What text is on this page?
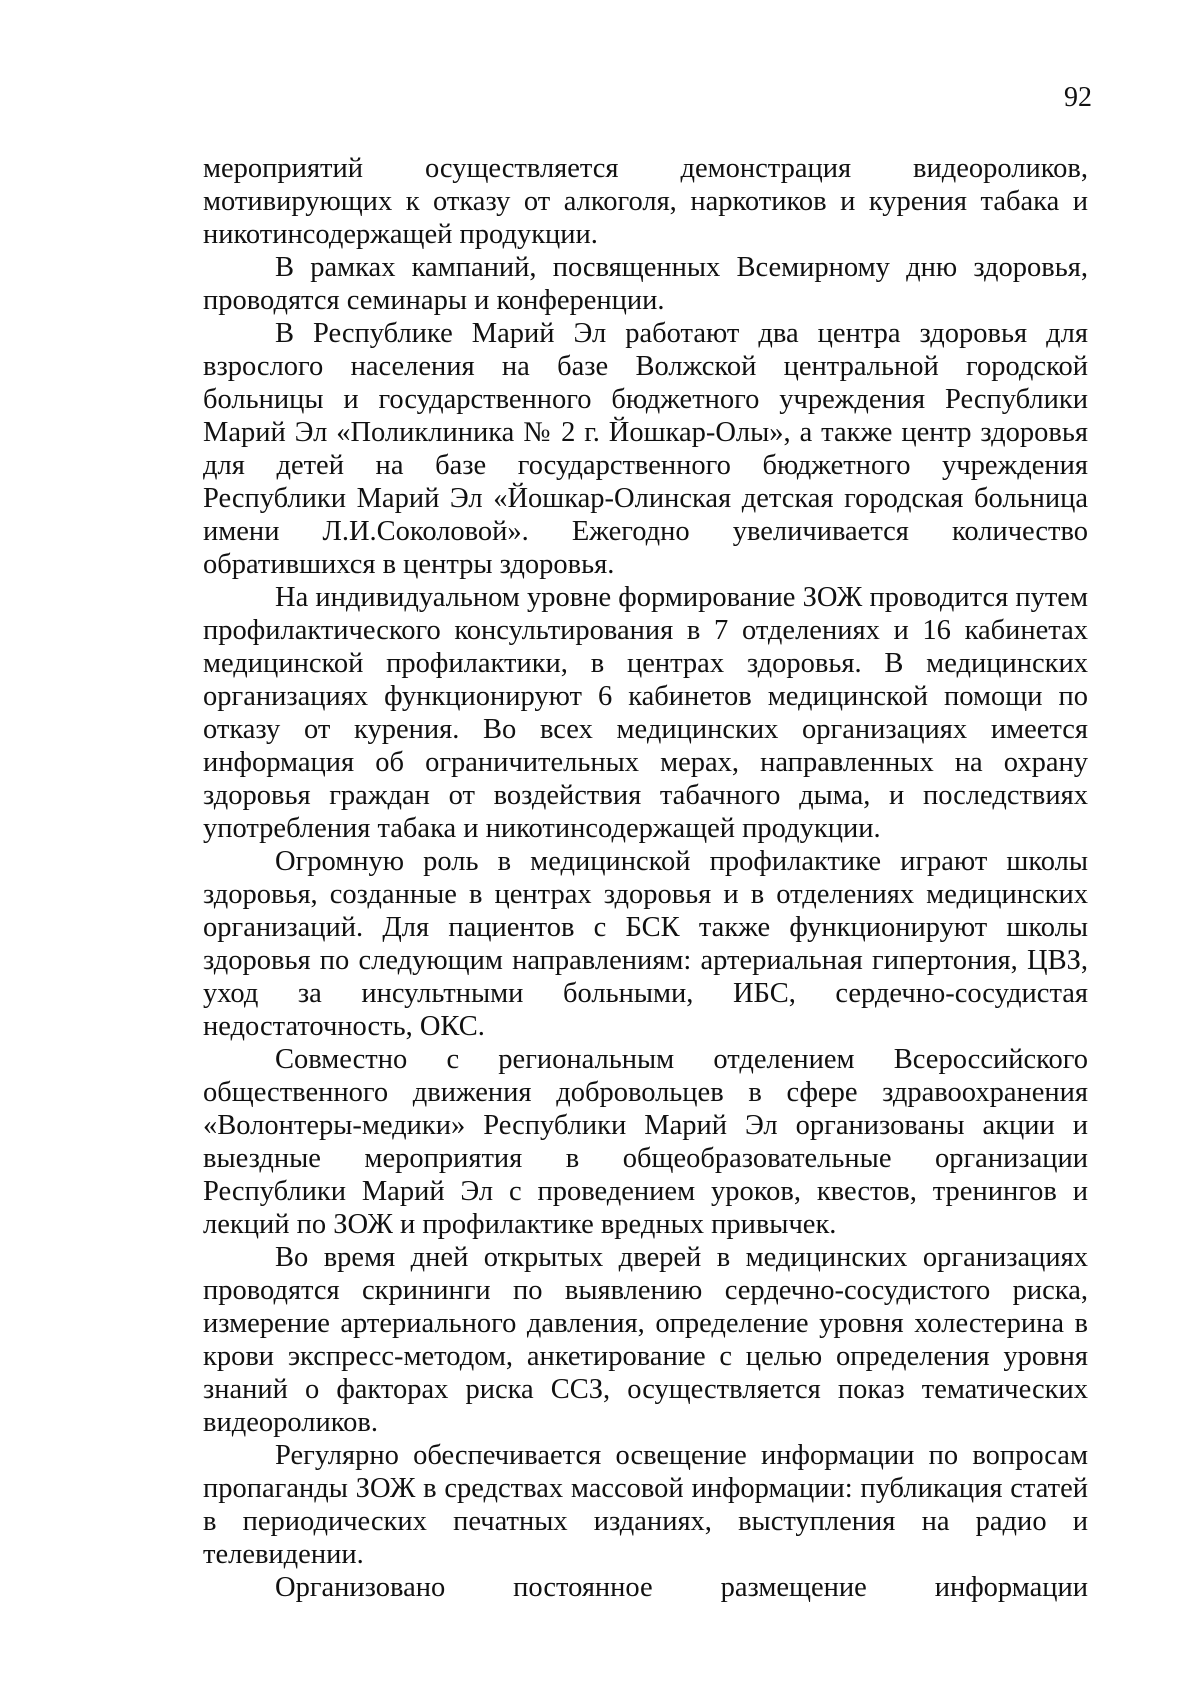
92

мероприятий осуществляется демонстрация видеороликов, мотивирующих к отказу от алкоголя, наркотиков и курения табака и никотинсодержащей продукции.

В рамках кампаний, посвященных Всемирному дню здоровья, проводятся семинары и конференции.

В Республике Марий Эл работают два центра здоровья для взрослого населения на базе Волжской центральной городской больницы и государственного бюджетного учреждения Республики Марий Эл «Поликлиника № 2 г. Йошкар-Олы», а также центр здоровья для детей на базе государственного бюджетного учреждения Республики Марий Эл «Йошкар-Олинская детская городская больница имени Л.И.Соколовой». Ежегодно увеличивается количество обратившихся в центры здоровья.

На индивидуальном уровне формирование ЗОЖ проводится путем профилактического консультирования в 7 отделениях и 16 кабинетах медицинской профилактики, в центрах здоровья. В медицинских организациях функционируют 6 кабинетов медицинской помощи по отказу от курения. Во всех медицинских организациях имеется информация об ограничительных мерах, направленных на охрану здоровья граждан от воздействия табачного дыма, и последствиях употребления табака и никотинсодержащей продукции.

Огромную роль в медицинской профилактике играют школы здоровья, созданные в центрах здоровья и в отделениях медицинских организаций. Для пациентов с БСК также функционируют школы здоровья по следующим направлениям: артериальная гипертония, ЦВЗ, уход за инсультными больными, ИБС, сердечно-сосудистая недостаточность, ОКС.

Совместно с региональным отделением Всероссийского общественного движения добровольцев в сфере здравоохранения «Волонтеры-медики» Республики Марий Эл организованы акции и выездные мероприятия в общеобразовательные организации Республики Марий Эл с проведением уроков, квестов, тренингов и лекций по ЗОЖ и профилактике вредных привычек.

Во время дней открытых дверей в медицинских организациях проводятся скрининги по выявлению сердечно-сосудистого риска, измерение артериального давления, определение уровня холестерина в крови экспресс-методом, анкетирование с целью определения уровня знаний о факторах риска ССЗ, осуществляется показ тематических видеороликов.

Регулярно обеспечивается освещение информации по вопросам пропаганды ЗОЖ в средствах массовой информации: публикация статей в периодических печатных изданиях, выступления на радио и телевидении.

Организовано постоянное размещение информации
